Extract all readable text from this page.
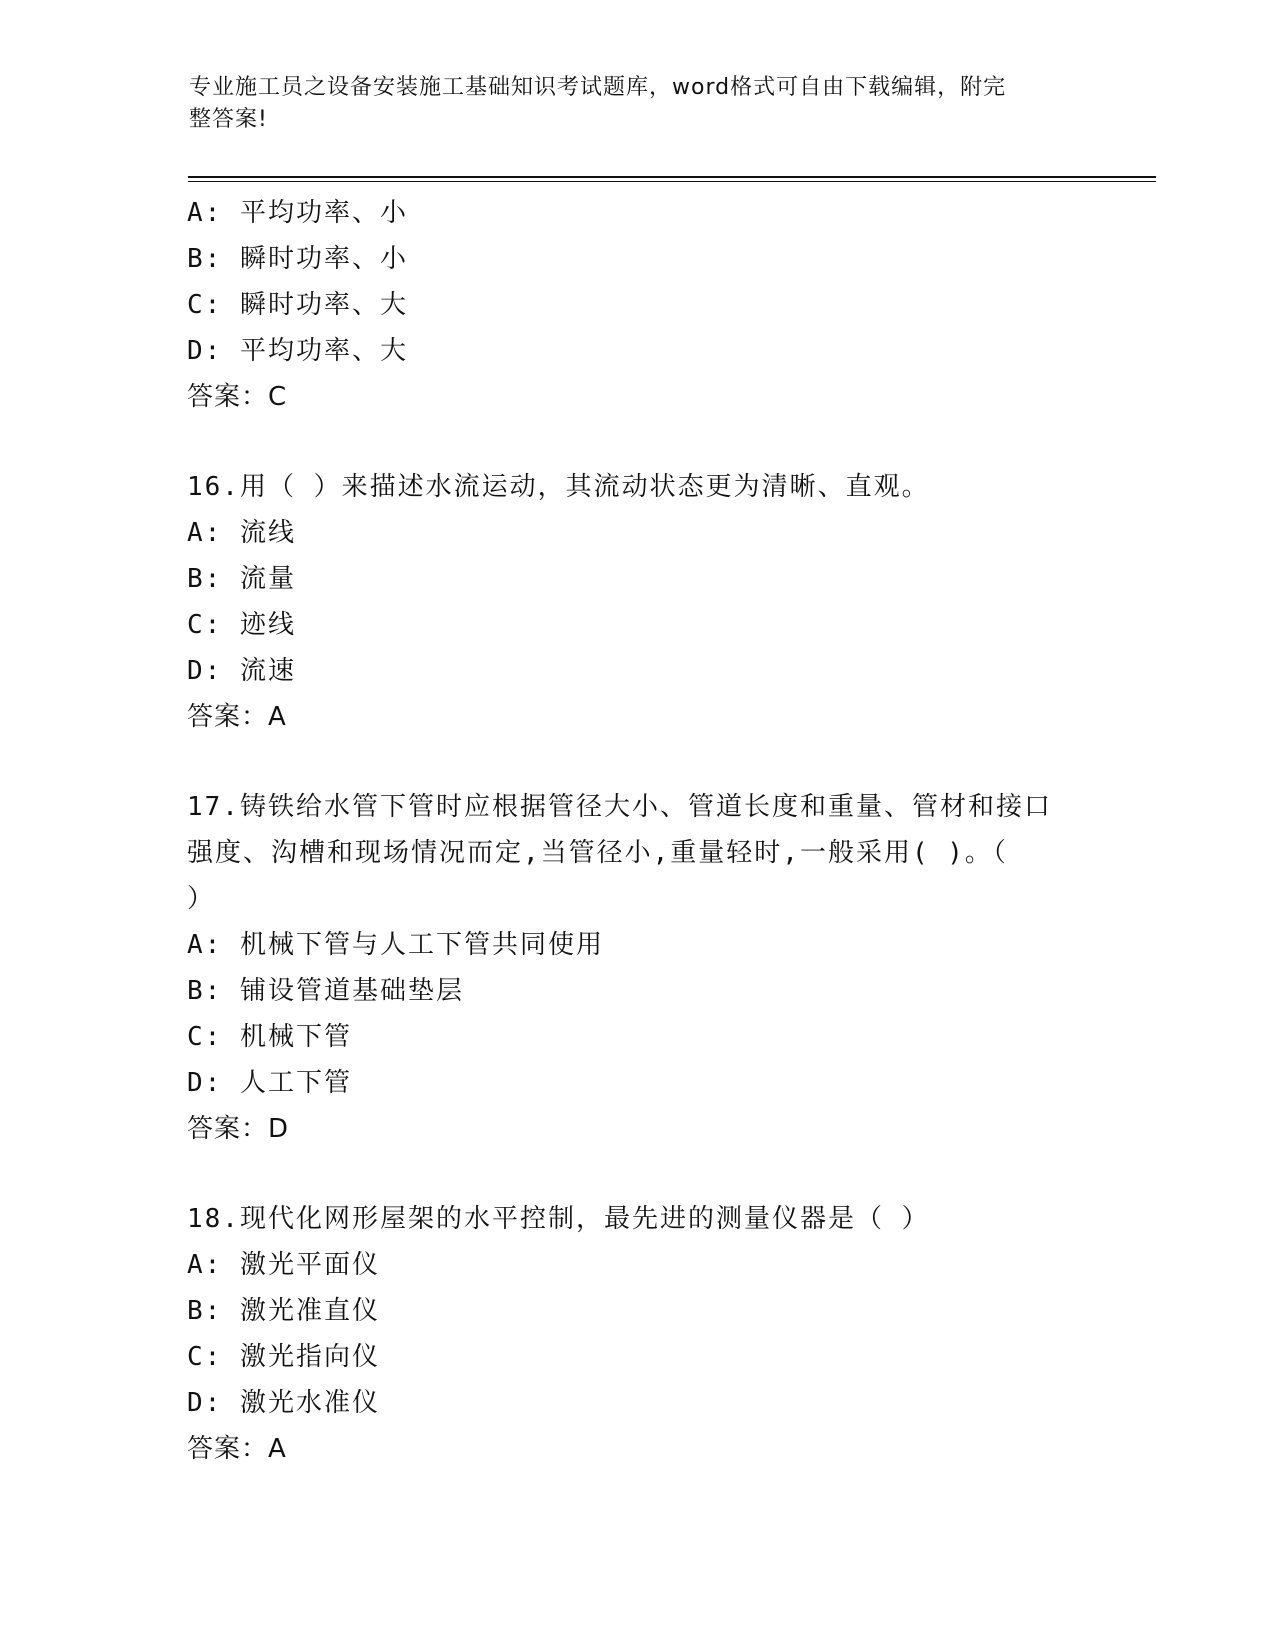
专业施工员之设备安装施工基础知识考试题库，word格式可自由下载编辑，附完
整答案!
A: 平均功率、小
B: 瞬时功率、小
C: 瞬时功率、大
D: 平均功率、大
答案：C
16.用（ ）来描述水流运动，其流动状态更为清晰、直观。
A: 流线
B: 流量
C: 迹线
D: 流速
答案：A
17.铸铁给水管下管时应根据管径大小、管道长度和重量、管材和接口
强度、沟槽和现场情况而定,当管径小,重量轻时,一般采用( )。（
）
A: 机械下管与人工下管共同使用
B: 铺设管道基础垫层
C: 机械下管
D: 人工下管
答案：D
18.现代化网形屋架的水平控制，最先进的测量仪器是（ ）
A: 激光平面仪
B: 激光准直仪
C: 激光指向仪
D: 激光水准仪
答案：A
